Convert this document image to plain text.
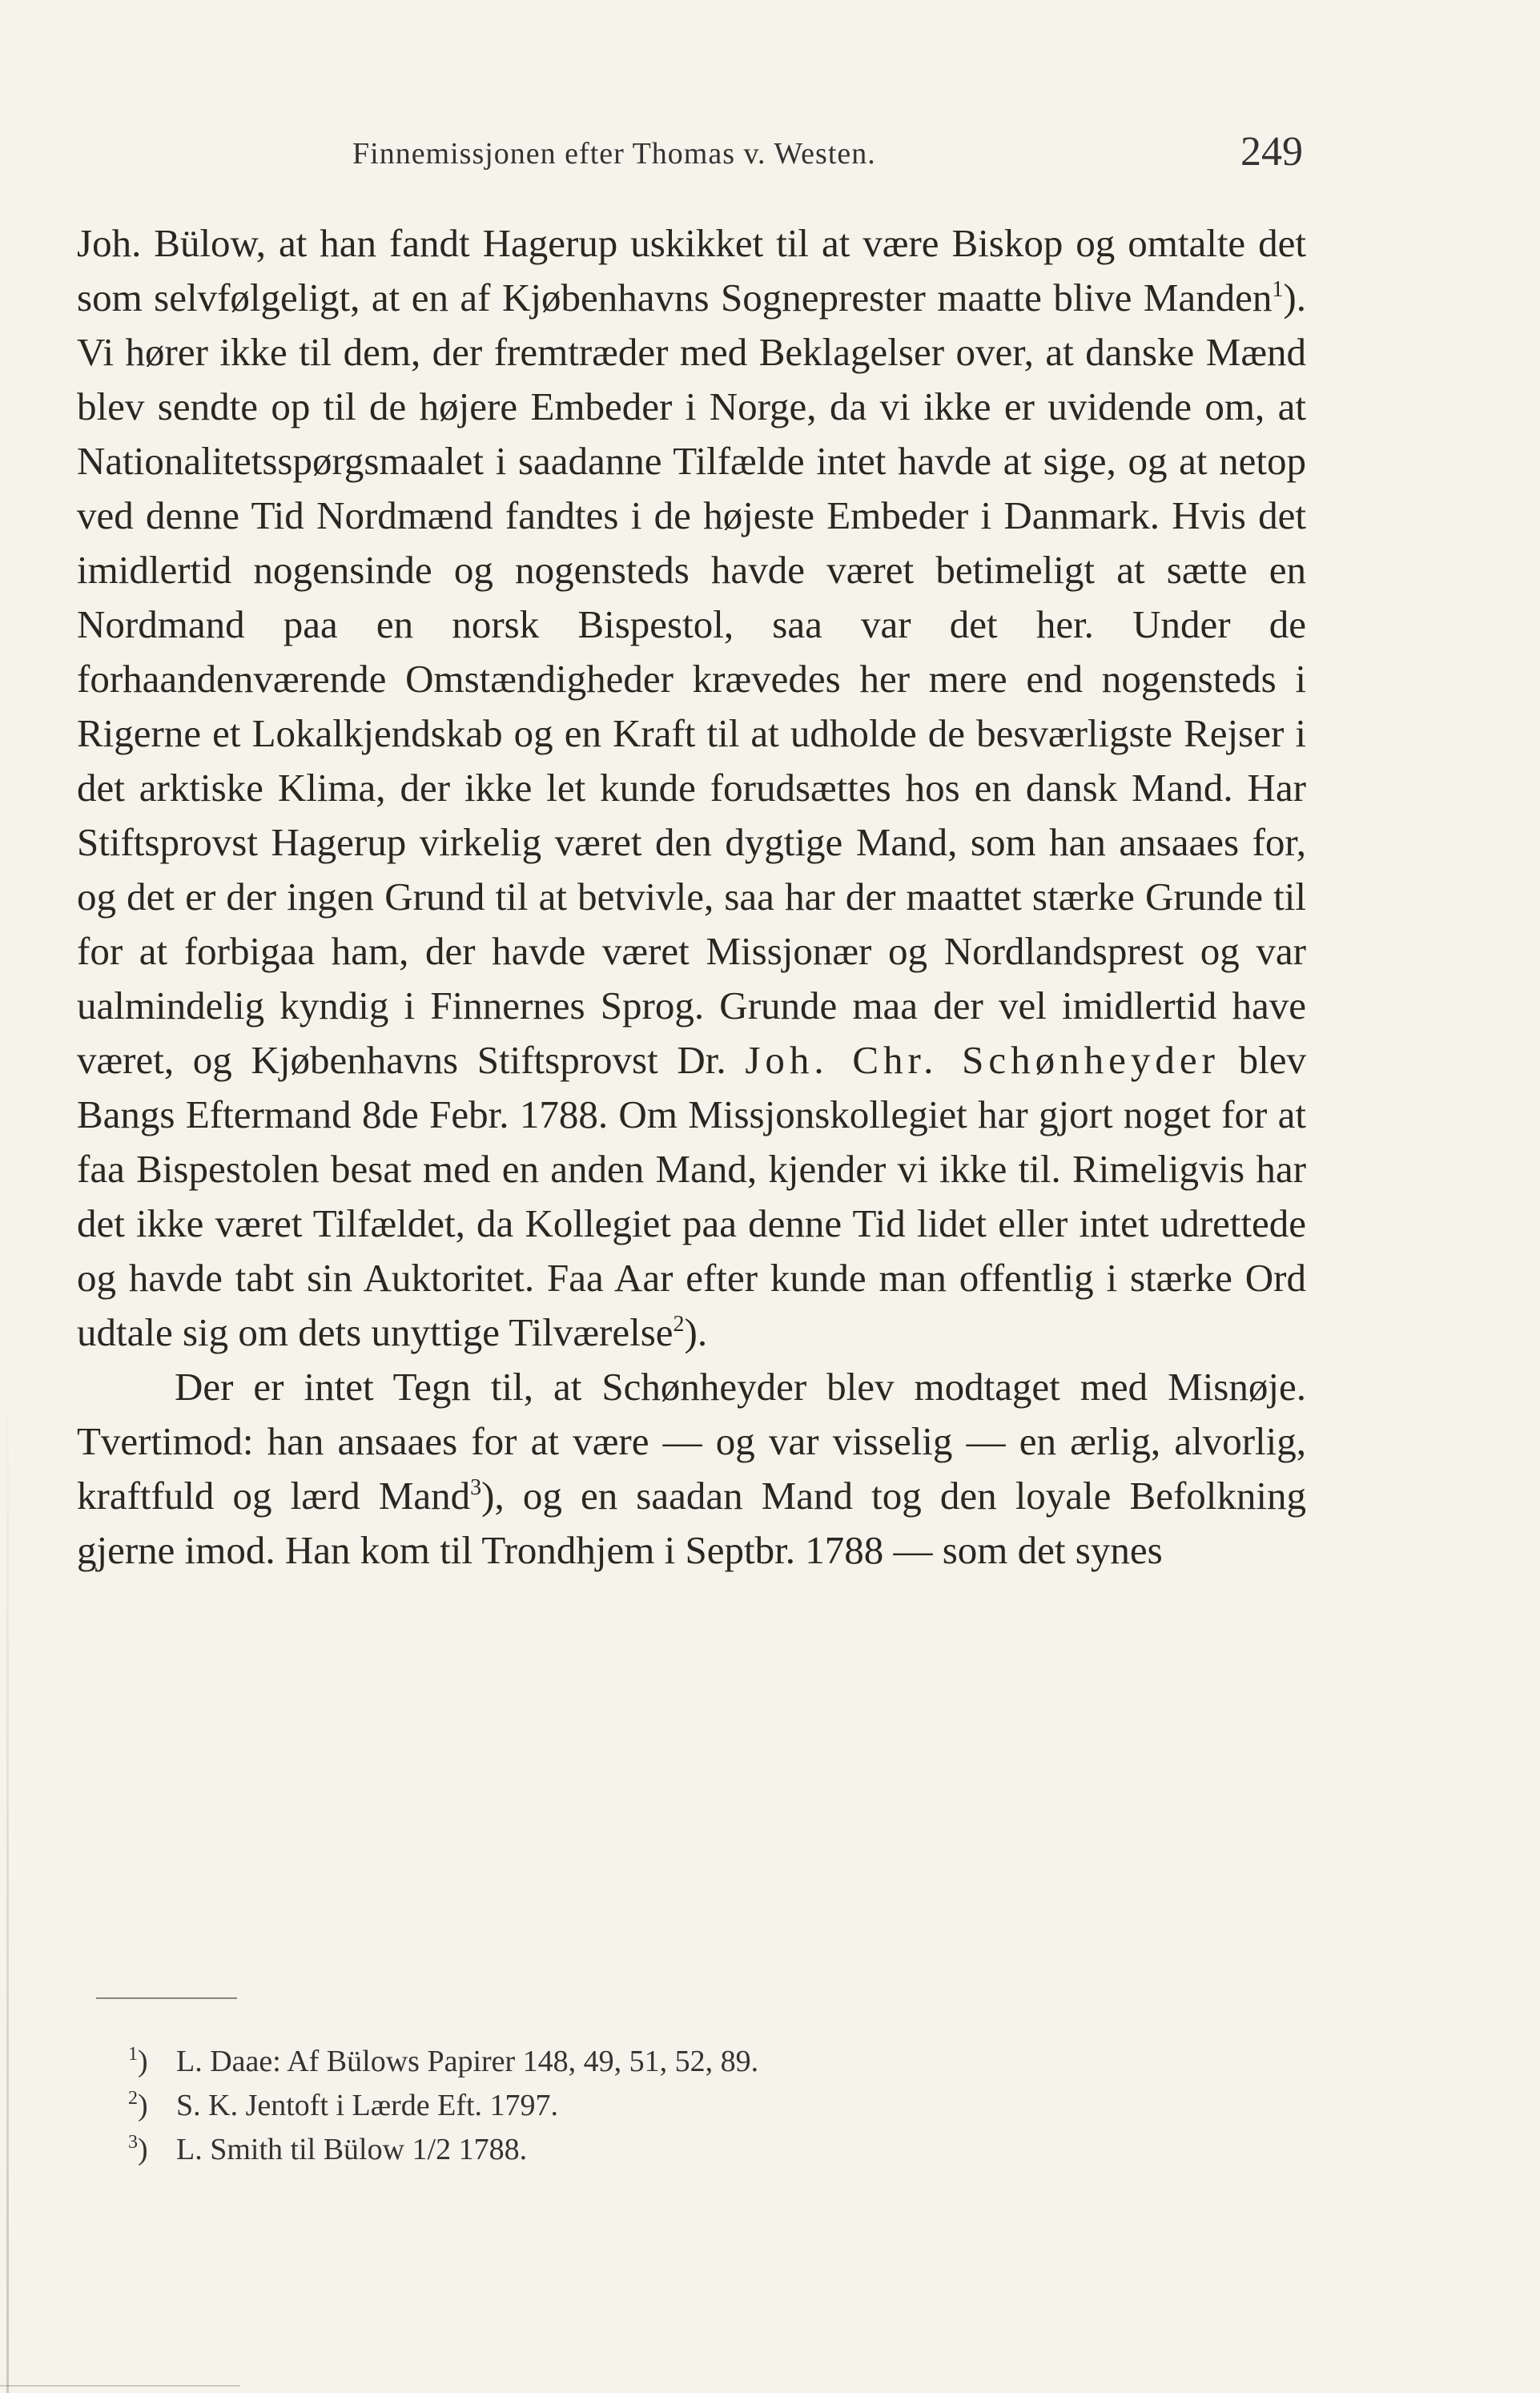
Finnemissjonen efter Thomas v. Westen.	249

Joh. Bülow, at han fandt Hagerup uskikket til at være Biskop og omtalte det som selvfølgeligt, at en af Kjøbenhavns Sogneprester maatte blive Manden$^1$). Vi hører ikke til dem, der fremtræder med Beklagelser over, at danske Mænd blev sendte op til de højere Embeder i Norge, da vi ikke er uvidende om, at Nationalitetsspørgsmaalet i saadanne Tilfælde intet havde at sige, og at netop ved denne Tid Nordmænd fandtes i de højeste Embeder i Danmark. Hvis det imidlertid nogensinde og nogensteds havde været betimeligt at sætte en Nordmand paa en norsk Bispestol, saa var det her. Under de forhaandenværende Omstændigheder krævedes her mere end nogensteds i Rigerne et Lokalkjendskab og en Kraft til at udholde de besværligste Rejser i det arktiske Klima, der ikke let kunde forudsættes hos en dansk Mand. Har Stiftsprovst Hagerup virkelig været den dygtige Mand, som han ansaaes for, og det er der ingen Grund til at betvivle, saa har der maattet stærke Grunde til for at forbigaa ham, der havde været Missjonær og Nordlandsprest og var ualmindelig kyndig i Finnernes Sprog. Grunde maa der vel imidlertid have været, og Kjøbenhavns Stiftsprovst Dr. Joh. Chr. Schønheyder blev Bangs Eftermand 8de Febr. 1788. Om Missjonskollegiet har gjort noget for at faa Bispestolen besat med en anden Mand, kjender vi ikke til. Rimeligvis har det ikke været Tilfældet, da Kollegiet paa denne Tid lidet eller intet udrettede og havde tabt sin Auktoritet. Faa Aar efter kunde man offentlig i stærke Ord udtale sig om dets unyttige Tilværelse$^2$).

Der er intet Tegn til, at Schønheyder blev modtaget med Misnøje. Tvertimod: han ansaaes for at være — og var visselig — en ærlig, alvorlig, kraftfuld og lærd Mand$^3$), og en saadan Mand tog den loyale Befolkning gjerne imod. Han kom til Trondhjem i Septbr. 1788 — som det synes

$^1$) L. Daae: Af Bülows Papirer 148, 49, 51, 52, 89.
$^2$) S. K. Jentoft i Lærde Eft. 1797.
$^3$) L. Smith til Bülow 1/2 1788.
